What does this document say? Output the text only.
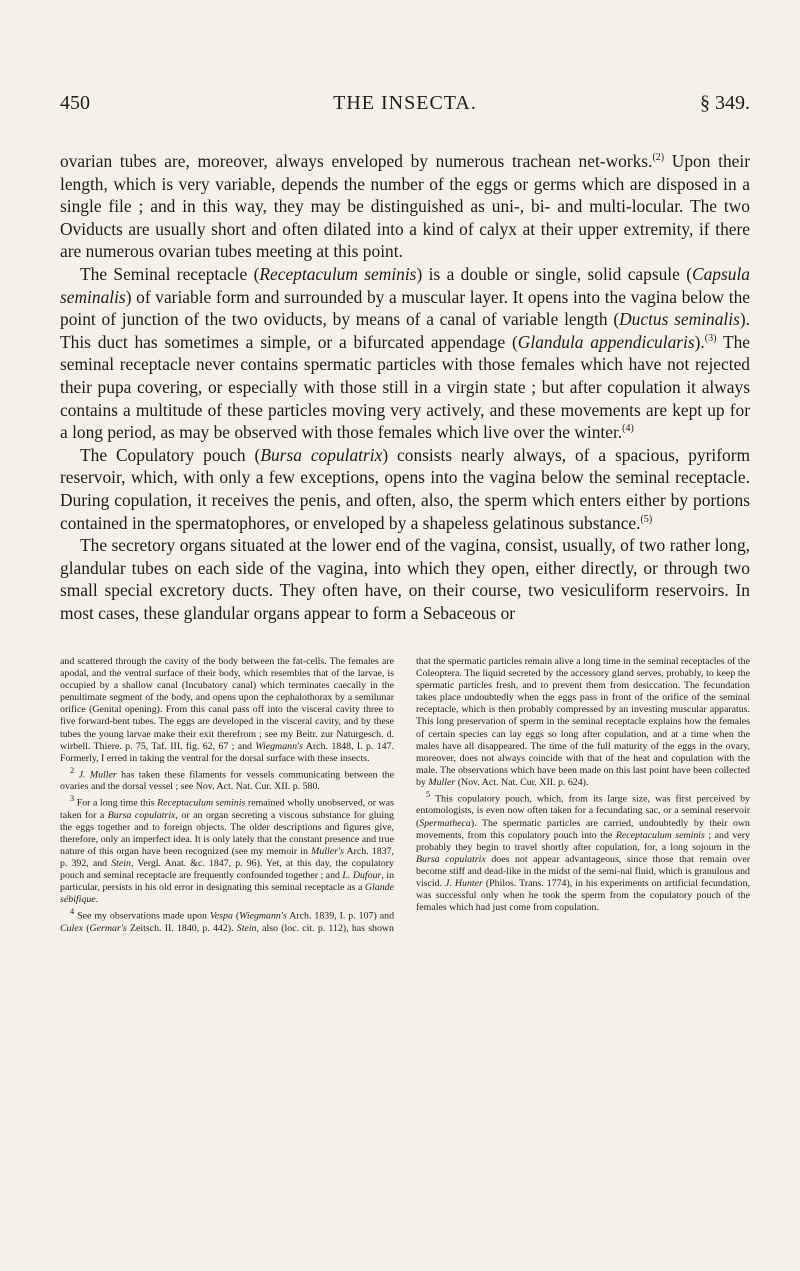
450	THE INSECTA.	§ 349.

ovarian tubes are, moreover, always enveloped by numerous trachean net-works.$^{(2)}$ Upon their length, which is very variable, depends the number of the eggs or germs which are disposed in a single file ; and in this way, they may be distinguished as uni-, bi- and multi-locular. The two Oviducts are usually short and often dilated into a kind of calyx at their upper extremity, if there are numerous ovarian tubes meeting at this point.

The Seminal receptacle (Receptaculum seminis) is a double or single, solid capsule (Capsula seminalis) of variable form and surrounded by a muscular layer. It opens into the vagina below the point of junction of the two oviducts, by means of a canal of variable length (Ductus seminalis). This duct has sometimes a simple, or a bifurcated appendage (Glandula appendicularis).$^{(3)}$ The seminal receptacle never contains spermatic particles with those females which have not rejected their pupa covering, or especially with those still in a virgin state ; but after copulation it always contains a multitude of these particles moving very actively, and these movements are kept up for a long period, as may be observed with those females which live over the winter.$^{(4)}$

The Copulatory pouch (Bursa copulatrix) consists nearly always, of a spacious, pyriform reservoir, which, with only a few exceptions, opens into the vagina below the seminal receptacle. During copulation, it receives the penis, and often, also, the sperm which enters either by portions contained in the spermatophores, or enveloped by a shapeless gelatinous substance.$^{(5)}$

The secretory organs situated at the lower end of the vagina, consist, usually, of two rather long, glandular tubes on each side of the vagina, into which they open, either directly, or through two small special excretory ducts. They often have, on their course, two vesiculiform reservoirs. In most cases, these glandular organs appear to form a Sebaceous or

and scattered through the cavity of the body between the fat-cells. The females are apodal, and the ventral surface of their body, which resembles that of the larvae, is occupied by a shallow canal (Incubatory canal) which terminates caecally in the penultimate segment of the body, and opens upon the cephalothorax by a semilunar orifice (Genital opening). From this canal pass off into the visceral cavity three to five forward-bent tubes. The eggs are developed in the visceral cavity, and by these tubes the young larvae make their exit therefrom ; see my Beitr. zur Naturgesch. d. wirbell. Thiere. p. 75, Taf. III. fig. 62, 67 ; and Wiegmann's Arch. 1848, I. p. 147. Formerly, I erred in taking the ventral for the dorsal surface with these insects.

$^2$ J. Muller has taken these filaments for vessels communicating between the ovaries and the dorsal vessel ; see Nov. Act. Nat. Cur. XII. p. 580.

$^3$ For a long time this Receptaculum seminis remained wholly unobserved, or was taken for a Bursa copulatrix, or an organ secreting a viscous substance for gluing the eggs together and to foreign objects. The older descriptions and figures give, therefore, only an imperfect idea. It is only lately that the constant presence and true nature of this organ have been recognized (see my memoir in Muller's Arch. 1837, p. 392, and Stein, Vergl. Anat. &c. 1847, p. 96). Yet, at this day, the copulatory pouch and seminal receptacle are frequently confounded together ; and L. Dufour, in particular, persists in his old error in designating this seminal receptacle as a Glande sébifique.

$^4$ See my observations made upon Vespa (Wiegmann's Arch. 1839, I. p. 107) and Culex (Germar's Zeitsch. II. 1840, p. 442). Stein, also (loc. cit. p. 112), has shown that the spermatic particles remain alive a long time in the seminal receptacles of the Coleoptera. The liquid secreted by the accessory gland serves, probably, to keep the spermatic particles fresh, and to prevent them from desiccation. The fecundation takes place undoubtedly when the eggs pass in front of the orifice of the seminal receptacle, which is then probably compressed by an investing muscular apparatus. This long preservation of sperm in the seminal receptacle explains how the females of certain species can lay eggs so long after copulation, and at a time when the males have all disappeared. The time of the full maturity of the eggs in the ovary, moreover, does not always coincide with that of the heat and copulation with the male. The observations which have been made on this last point have been collected by Muller (Nov. Act. Nat. Cur. XII. p. 624).

$^5$ This copulatory pouch, which, from its large size, was first perceived by entomologists, is even now often taken for a fecundating sac, or a seminal reservoir (Spermatheca). The spermatic particles are carried, undoubtedly by their own movements, from this copulatory pouch into the Receptaculum seminis ; and very probably they begin to travel shortly after copulation, for, a long sojourn in the Bursa copulatrix does not appear advantageous, since those that remain over become stiff and dead-like in the midst of the semi-nal fluid, which is granulous and viscid. J. Hunter (Philos. Trans. 1774), in his experiments on artificial fecundation, was successful only when he took the sperm from the copulatory pouch of the females which had just come from copulation.
